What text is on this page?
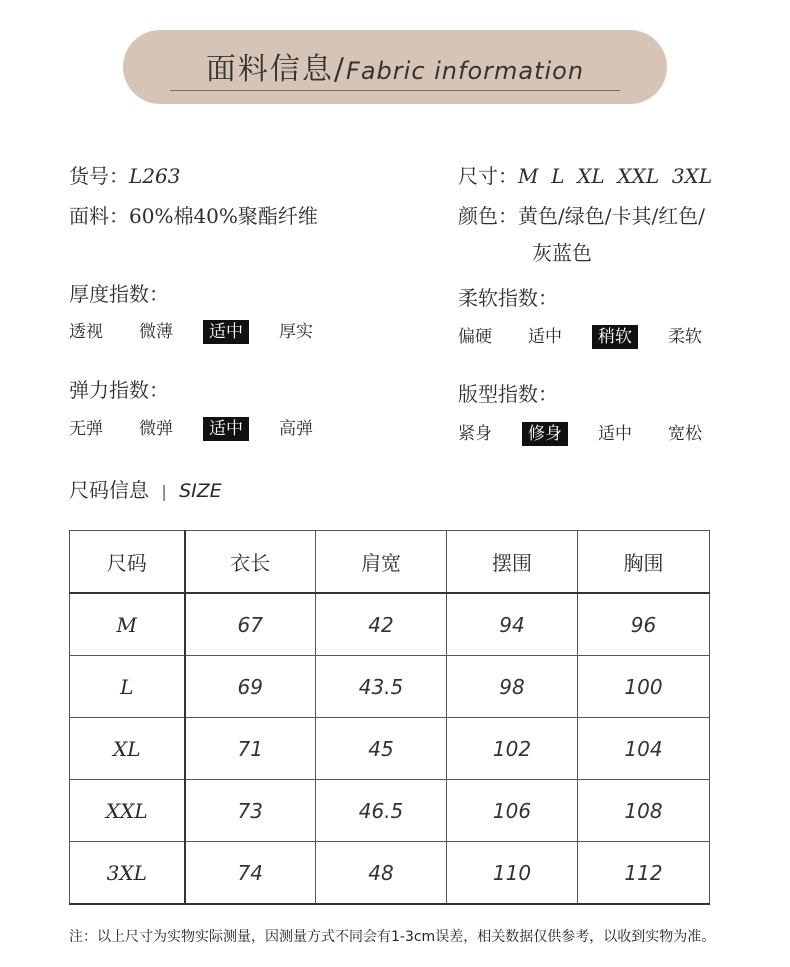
面料信息/Fabric information
货号：L263
面料：60%棉40%聚酯纤维
尺寸：M  L  XL  XXL  3XL
颜色：黄色/绿色/卡其/红色/
灰蓝色
厚度指数：
透视	微薄	适中	厚实
柔软指数：
偏硬	适中	稍软	柔软
弹力指数：
无弹	微弹	适中	高弹
版型指数：
紧身	修身	适中	宽松
尺码信息 | SIZE
尺码	衣长	肩宽	摆围	胸围
M	67	42	94	96
L	69	43.5	98	100
XL	71	45	102	104
XXL	73	46.5	106	108
3XL	74	48	110	112
注：以上尺寸为实物实际测量，因测量方式不同会有1-3cm误差，相关数据仅供参考，以收到实物为准。
